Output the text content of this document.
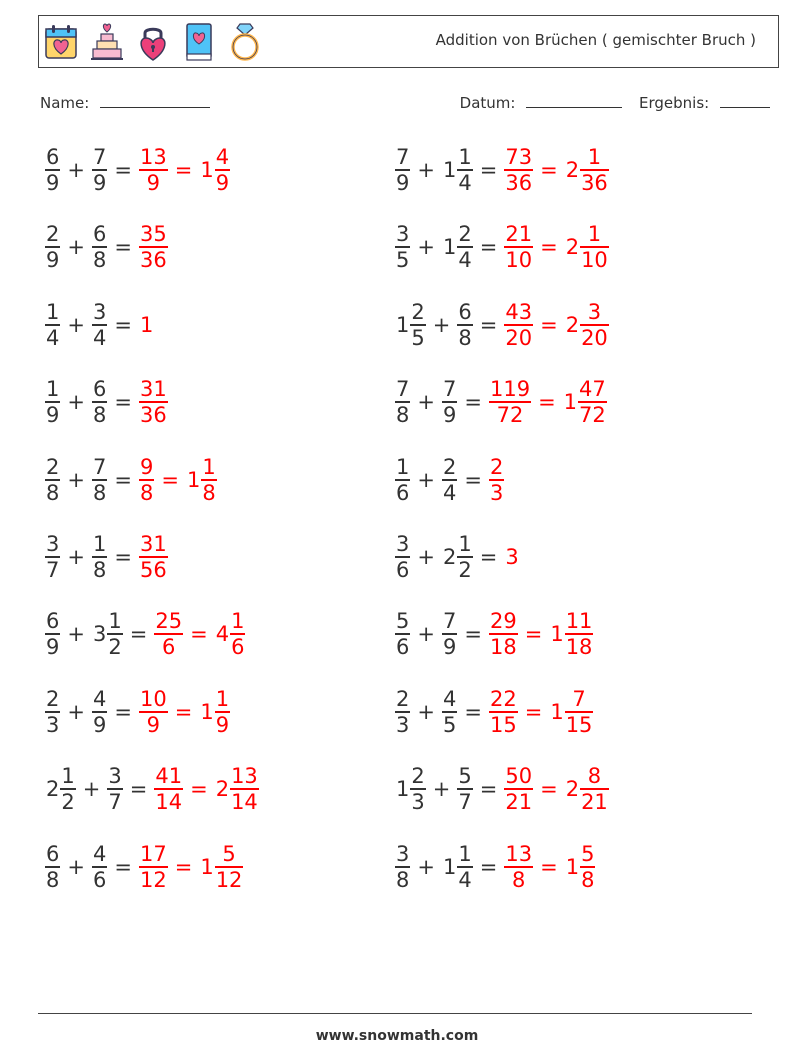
Addition von Brüchen ( gemischter Bruch )
Name:	Datum:	Ergebnis:
$\frac{6}{9} + \frac{7}{9} = \frac{13}{9} = 1 \frac{4}{9}$
$\frac{2}{9} + \frac{6}{8} = \frac{35}{36}$
$\frac{1}{4} + \frac{3}{4} = 1$
$\frac{1}{9} + \frac{6}{8} = \frac{31}{36}$
$\frac{2}{8} + \frac{7}{8} = \frac{9}{8} = 1 \frac{1}{8}$
$\frac{3}{7} + \frac{1}{8} = \frac{31}{56}$
$\frac{6}{9} + 3 \frac{1}{2} = \frac{25}{6} = 4 \frac{1}{6}$
$\frac{2}{3} + \frac{4}{9} = \frac{10}{9} = 1 \frac{1}{9}$
$2 \frac{1}{2} + \frac{3}{7} = \frac{41}{14} = 2 \frac{13}{14}$
$\frac{6}{8} + \frac{4}{6} = \frac{17}{12} = 1 \frac{5}{12}$
$\frac{7}{9} + 1 \frac{1}{4} = \frac{73}{36} = 2 \frac{1}{36}$
$\frac{3}{5} + 1 \frac{2}{4} = \frac{21}{10} = 2 \frac{1}{10}$
$1 \frac{2}{5} + \frac{6}{8} = \frac{43}{20} = 2 \frac{3}{20}$
$\frac{7}{8} + \frac{7}{9} = \frac{119}{72} = 1 \frac{47}{72}$
$\frac{1}{6} + \frac{2}{4} = \frac{2}{3}$
$\frac{3}{6} + 2 \frac{1}{2} = 3$
$\frac{5}{6} + \frac{7}{9} = \frac{29}{18} = 1 \frac{11}{18}$
$\frac{2}{3} + \frac{4}{5} = \frac{22}{15} = 1 \frac{7}{15}$
$1 \frac{2}{3} + \frac{5}{7} = \frac{50}{21} = 2 \frac{8}{21}$
$\frac{3}{8} + 1 \frac{1}{4} = \frac{13}{8} = 1 \frac{5}{8}$
www.snowmath.com
